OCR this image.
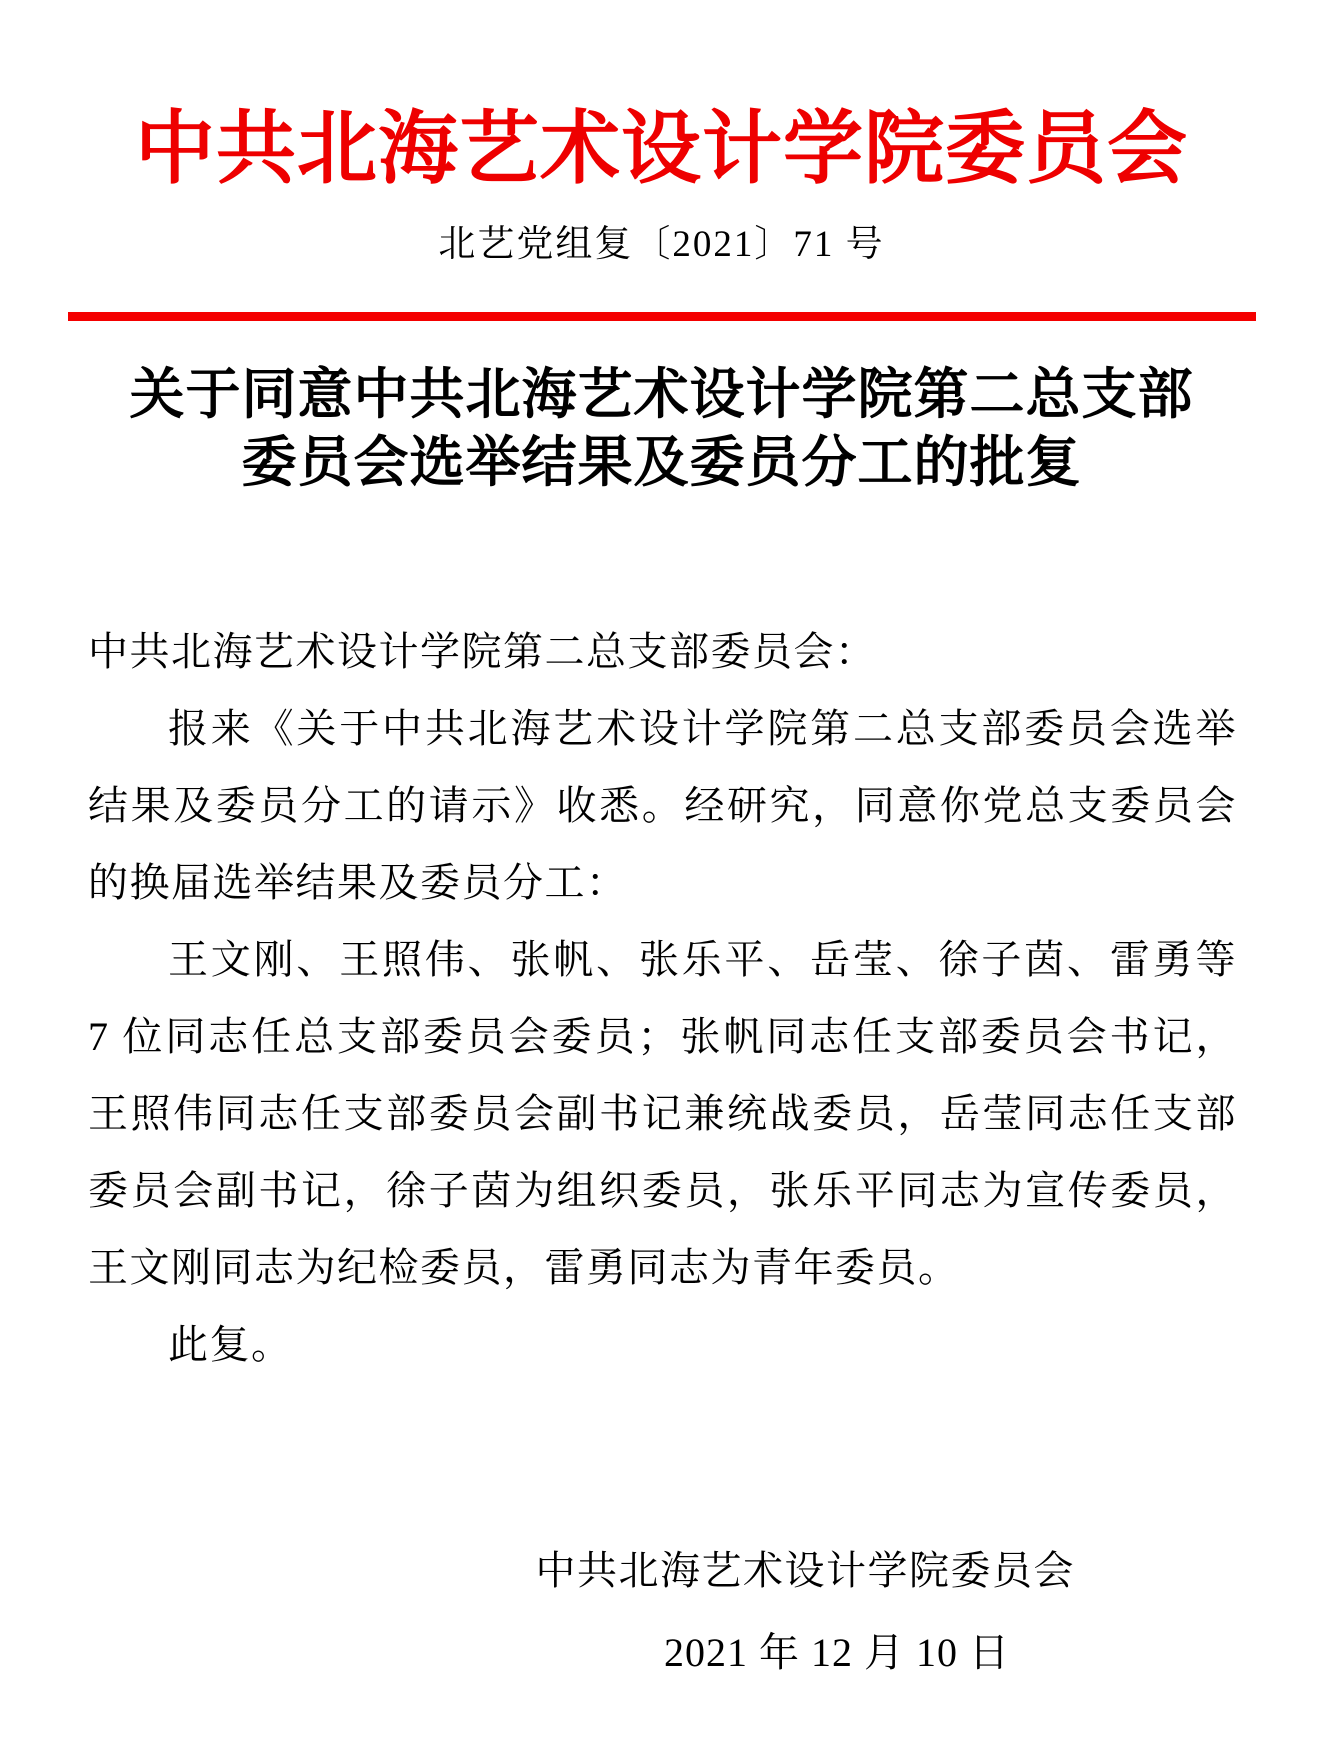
中共北海艺术设计学院委员会
北艺党组复〔2021〕71 号
关于同意中共北海艺术设计学院第二总支部
委员会选举结果及委员分工的批复

中共北海艺术设计学院第二总支部委员会：

报来《关于中共北海艺术设计学院第二总支部委员会选举结果及委员分工的请示》收悉。经研究，同意你党总支委员会的换届选举结果及委员分工：

王文刚、王照伟、张帆、张乐平、岳莹、徐子茵、雷勇等 7 位同志任总支部委员会委员；张帆同志任支部委员会书记，王照伟同志任支部委员会副书记兼统战委员，岳莹同志任支部委员会副书记，徐子茵为组织委员，张乐平同志为宣传委员，王文刚同志为纪检委员，雷勇同志为青年委员。

此复。

中共北海艺术设计学院委员会
2021 年 12 月 10 日
